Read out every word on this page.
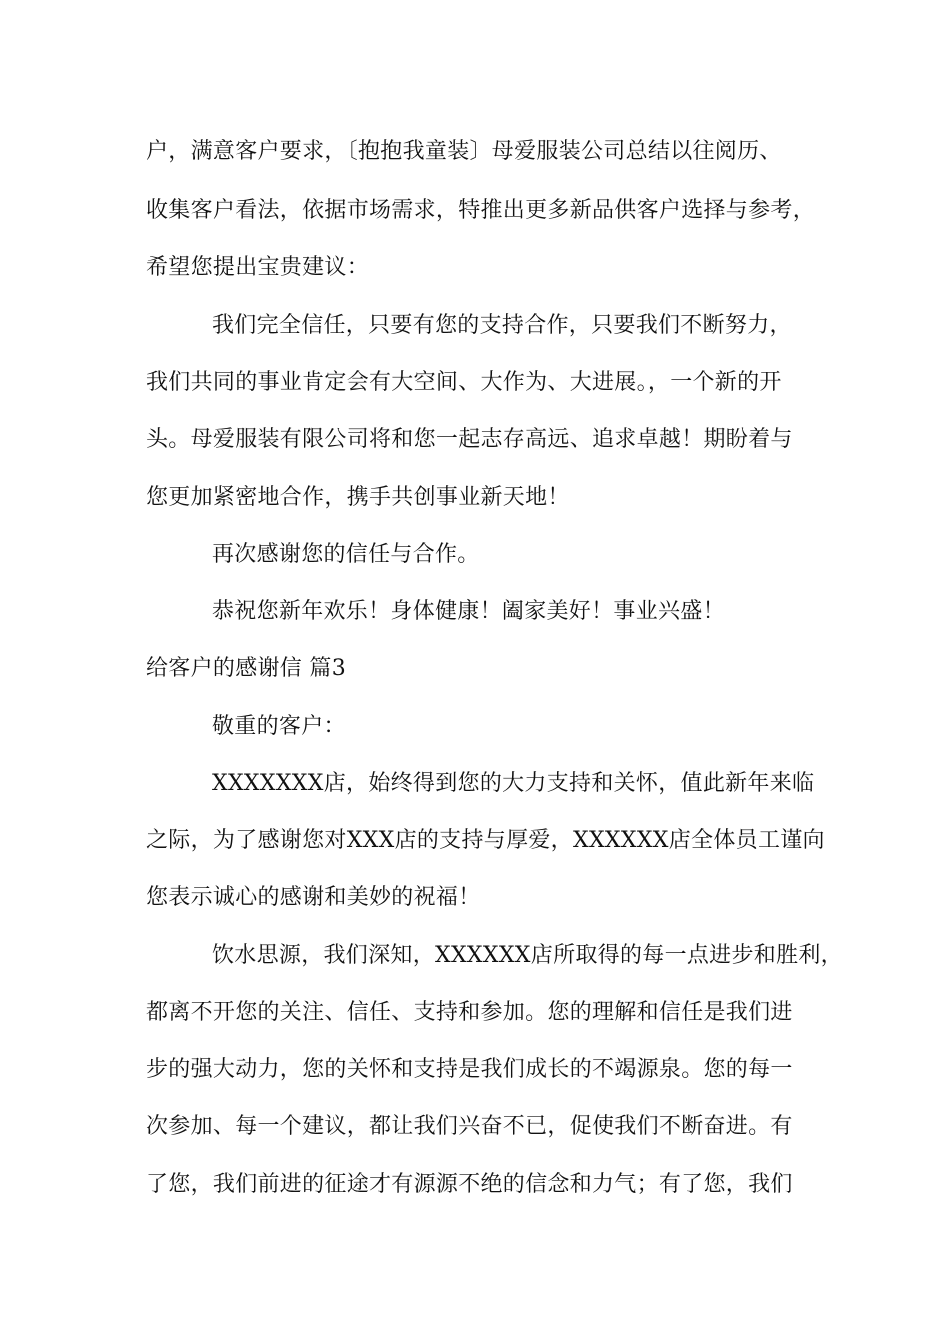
户，满意客户要求，〔抱抱我童装〕母爱服装公司总结以往阅历、
收集客户看法，依据市场需求，特推出更多新品供客户选择与参考，
希望您提出宝贵建议：
我们完全信任，只要有您的支持合作，只要我们不断努力，
我们共同的事业肯定会有大空间、大作为、大进展。，一个新的开
头。母爱服装有限公司将和您一起志存高远、追求卓越！期盼着与
您更加紧密地合作，携手共创事业新天地！
再次感谢您的信任与合作。
恭祝您新年欢乐！身体健康！阖家美好！事业兴盛！
给客户的感谢信 篇3
敬重的客户：
XXXXXXX店，始终得到您的大力支持和关怀，值此新年来临
之际，为了感谢您对XXX店的支持与厚爱，XXXXXX店全体员工谨向
您表示诚心的感谢和美妙的祝福！
饮水思源，我们深知，XXXXXX店所取得的每一点进步和胜利，
都离不开您的关注、信任、支持和参加。您的理解和信任是我们进
步的强大动力，您的关怀和支持是我们成长的不竭源泉。您的每一
次参加、每一个建议，都让我们兴奋不已，促使我们不断奋进。有
了您，我们前进的征途才有源源不绝的信念和力气；有了您，我们
